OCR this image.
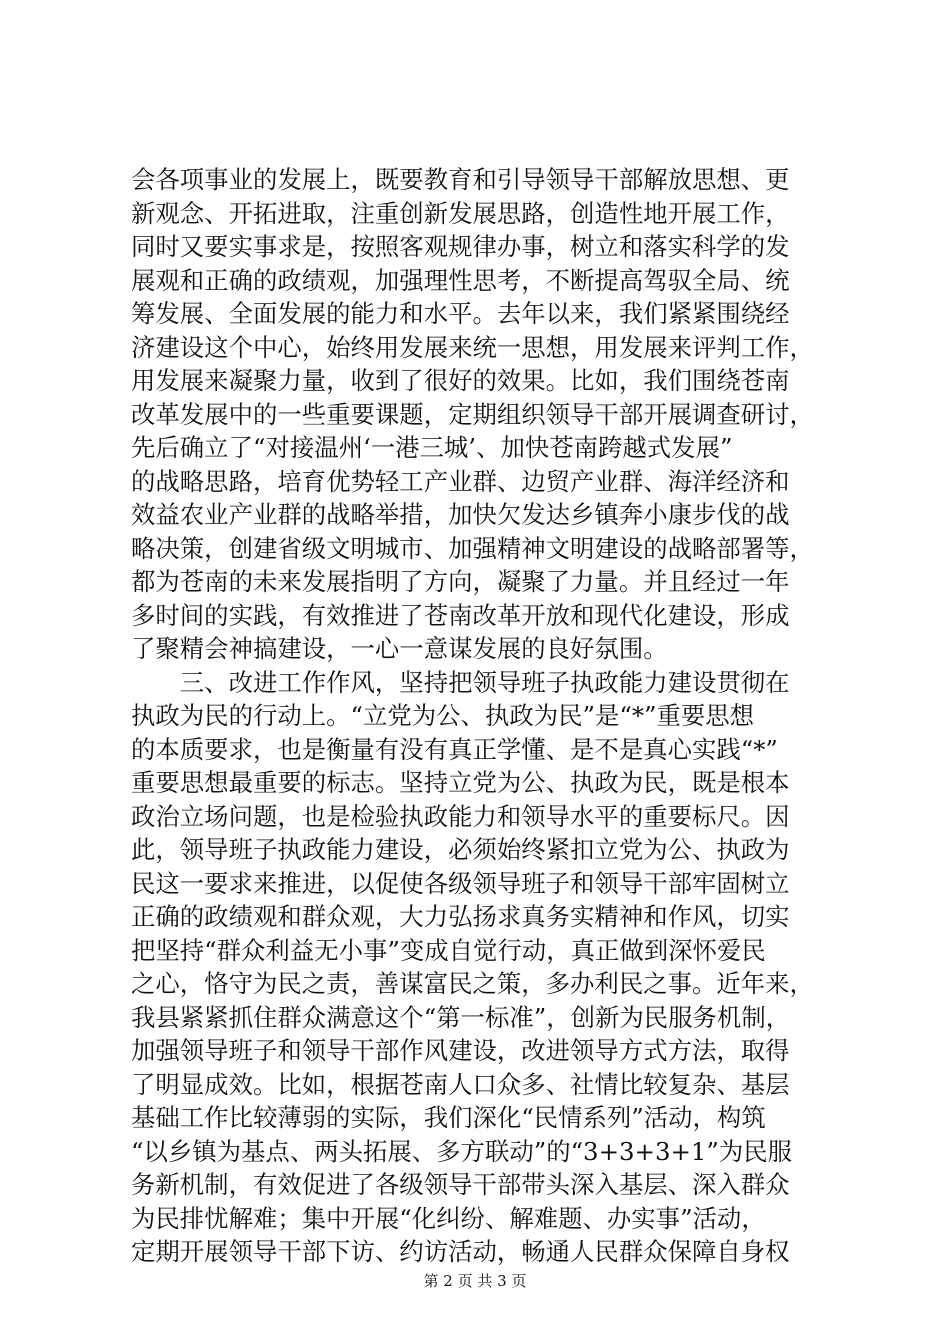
会各项事业的发展上，既要教育和引导领导干部解放思想、更
新观念、开拓进取，注重创新发展思路，创造性地开展工作，
同时又要实事求是，按照客观规律办事，树立和落实科学的发
展观和正确的政绩观，加强理性思考，不断提高驾驭全局、统
筹发展、全面发展的能力和水平。去年以来，我们紧紧围绕经
济建设这个中心，始终用发展来统一思想，用发展来评判工作，
用发展来凝聚力量，收到了很好的效果。比如，我们围绕苍南
改革发展中的一些重要课题，定期组织领导干部开展调查研讨，
先后确立了“对接温州‘一港三城’、加快苍南跨越式发展”
的战略思路，培育优势轻工产业群、边贸产业群、海洋经济和
效益农业产业群的战略举措，加快欠发达乡镇奔小康步伐的战
略决策，创建省级文明城市、加强精神文明建设的战略部署等，
都为苍南的未来发展指明了方向，凝聚了力量。并且经过一年
多时间的实践，有效推进了苍南改革开放和现代化建设，形成
了聚精会神搞建设，一心一意谋发展的良好氛围。
　　三、改进工作作风，坚持把领导班子执政能力建设贯彻在
执政为民的行动上。“立党为公、执政为民”是“*”重要思想
的本质要求，也是衡量有没有真正学懂、是不是真心实践“*”
重要思想最重要的标志。坚持立党为公、执政为民，既是根本
政治立场问题，也是检验执政能力和领导水平的重要标尺。因
此，领导班子执政能力建设，必须始终紧扣立党为公、执政为
民这一要求来推进，以促使各级领导班子和领导干部牢固树立
正确的政绩观和群众观，大力弘扬求真务实精神和作风，切实
把坚持“群众利益无小事”变成自觉行动，真正做到深怀爱民
之心，恪守为民之责，善谋富民之策，多办利民之事。近年来，
我县紧紧抓住群众满意这个“第一标准”，创新为民服务机制，
加强领导班子和领导干部作风建设，改进领导方式方法，取得
了明显成效。比如，根据苍南人口众多、社情比较复杂、基层
基础工作比较薄弱的实际，我们深化“民情系列”活动，构筑
“以乡镇为基点、两头拓展、多方联动”的“3+3+3+1”为民服
务新机制，有效促进了各级领导干部带头深入基层、深入群众
为民排忧解难；集中开展“化纠纷、解难题、办实事”活动，
定期开展领导干部下访、约访活动，畅通人民群众保障自身权
第 2 页 共 3 页
